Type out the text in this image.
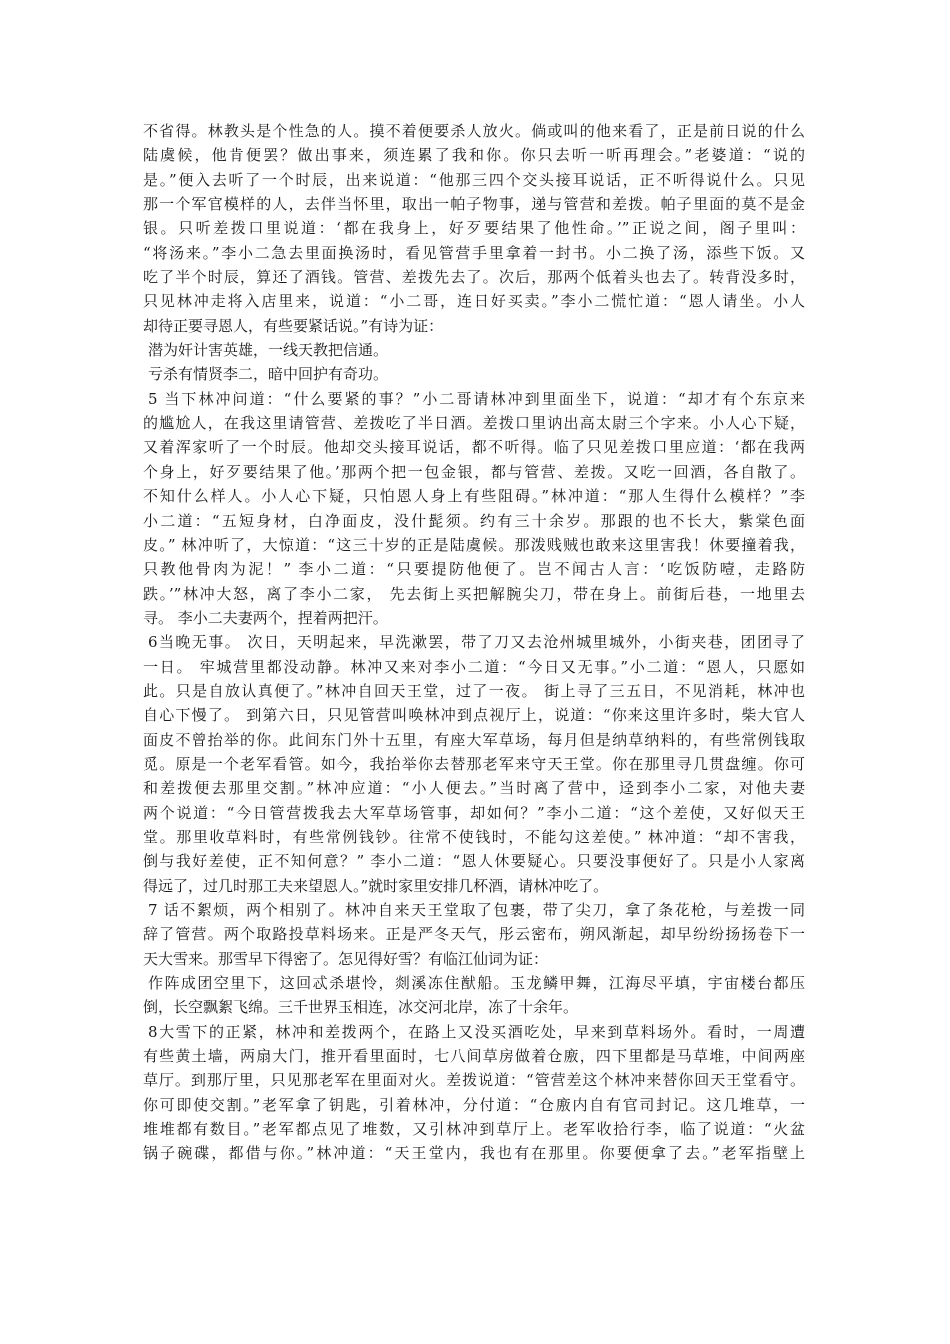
不省得。林教头是个性急的人。摸不着便要杀人放火。倘或叫的他来看了，正是前日说的什么
陆虞候，他肯便罢？做出事来，须连累了我和你。你只去听一听再理会。”老婆道：“说的
是。”便入去听了一个时辰，出来说道：“他那三四个交头接耳说话，正不听得说什么。只见
那一个军官模样的人，去伴当怀里，取出一帕子物事，递与管营和差拨。帕子里面的莫不是金
银。只听差拨口里说道：‘都在我身上，好歹要结果了他性命。’”正说之间，阁子里叫：
“将汤来。”李小二急去里面换汤时，看见管营手里拿着一封书。小二换了汤，添些下饭。又
吃了半个时辰，算还了酒钱。管营、差拨先去了。次后，那两个低着头也去了。转背没多时，
只见林冲走将入店里来，说道：“小二哥，连日好买卖。”李小二慌忙道：“恩人请坐。小人
却待正要寻恩人，有些要紧话说。”有诗为证：
潜为奸计害英雄，一线天教把信通。
亏杀有情贤李二，暗中回护有奇功。
5 当下林冲问道：“什么要紧的事？”小二哥请林冲到里面坐下，说道：“却才有个东京来
的尴尬人，在我这里请管营、差拨吃了半日酒。差拨口里讷出高太尉三个字来。小人心下疑，
又着浑家听了一个时辰。他却交头接耳说话，都不听得。临了只见差拨口里应道：‘都在我两
个身上，好歹要结果了他。’那两个把一包金银，都与管营、差拨。又吃一回酒，各自散了。
不知什么样人。小人心下疑，只怕恩人身上有些阻碍。”林冲道：“那人生得什么模样？”李
小二道：“五短身材，白净面皮，没什髭须。约有三十余岁。那跟的也不长大，紫棠色面
皮。” 林冲听了，大惊道：“这三十岁的正是陆虞候。那泼贱贼也敢来这里害我！休要撞着我，
只教他骨肉为泥！” 李小二道：“只要提防他便了。岂不闻古人言：‘吃饭防噎，走路防
跌。’”林冲大怒，离了李小二家， 先去街上买把解腕尖刀，带在身上。前街后巷，一地里去
寻。 李小二夫妻两个，捏着两把汗。
6当晚无事。 次日，天明起来，早洗漱罢，带了刀又去沧州城里城外，小街夹巷，团团寻了
一日。 牢城营里都没动静。林冲又来对李小二道：“今日又无事。”小二道：“恩人，只愿如
此。只是自放认真便了。”林冲自回天王堂，过了一夜。 街上寻了三五日，不见消耗，林冲也
自心下慢了。 到第六日，只见管营叫唤林冲到点视厅上，说道：“你来这里许多时，柴大官人
面皮不曾抬举的你。此间东门外十五里，有座大军草场，每月但是纳草纳料的，有些常例钱取
觅。原是一个老军看管。如今，我抬举你去替那老军来守天王堂。你在那里寻几贯盘缠。你可
和差拨便去那里交割。”林冲应道：“小人便去。”当时离了营中，迳到李小二家，对他夫妻
两个说道：“今日管营拨我去大军草场管事，却如何？”李小二道：“这个差使，又好似天王
堂。那里收草料时，有些常例钱钞。往常不使钱时，不能勾这差使。” 林冲道：“却不害我，
倒与我好差使，正不知何意？” 李小二道：“恩人休要疑心。只要没事便好了。只是小人家离
得远了，过几时那工夫来望恩人。”就时家里安排几杯酒，请林冲吃了。
7 话不絮烦，两个相别了。林冲自来天王堂取了包裹，带了尖刀，拿了条花枪，与差拨一同
辞了管营。两个取路投草料场来。正是严冬天气，彤云密布，朔风渐起，却早纷纷扬扬卷下一
天大雪来。那雪早下得密了。怎见得好雪？有临江仙词为证：
作阵成团空里下，这回忒杀堪怜，剡溪冻住猷船。玉龙鳞甲舞，江海尽平填，宇宙楼台都压
倒，长空飘絮飞绵。三千世界玉相连，冰交河北岸，冻了十余年。
8大雪下的正紧，林冲和差拨两个，在路上又没买酒吃处，早来到草料场外。看时，一周遭
有些黄土墙，两扇大门，推开看里面时，七八间草房做着仓廒，四下里都是马草堆，中间两座
草厅。到那厅里，只见那老军在里面对火。差拨说道：“管营差这个林冲来替你回天王堂看守。
你可即使交割。”老军拿了钥匙，引着林冲，分付道：“仓廒内自有官司封记。这几堆草，一
堆堆都有数目。”老军都点见了堆数，又引林冲到草厅上。老军收拾行李，临了说道：“火盆
锅子碗碟，都借与你。”林冲道：“天王堂内，我也有在那里。你要便拿了去。”老军指壁上
